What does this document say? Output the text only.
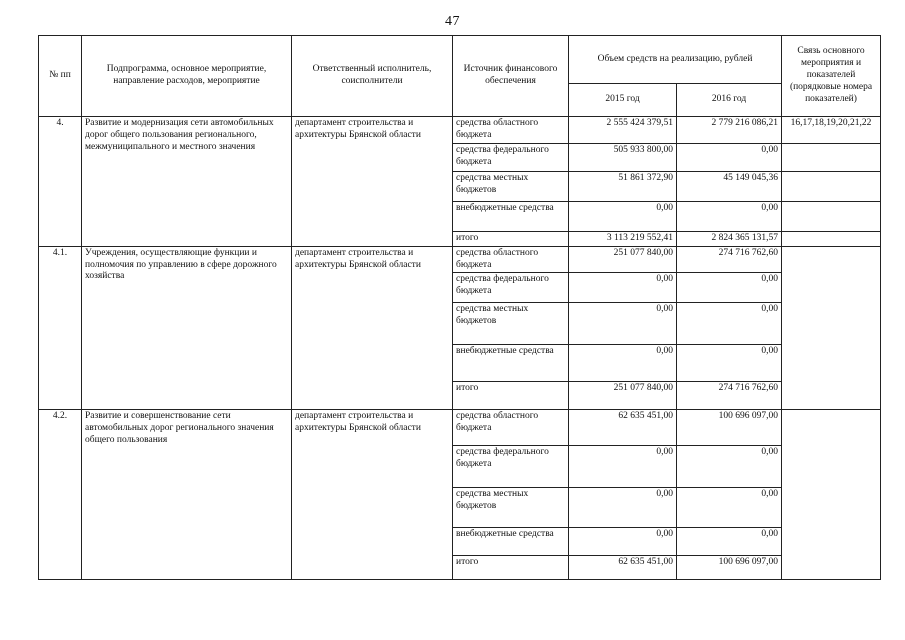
47
№ пп	Подпрограмма, основное мероприятие, направление расходов, мероприятие	Ответственный исполнитель, соисполнители	Источник финансового обеспечения	Объем средств на реализацию, рублей		Связь основного мероприятия и показателей (порядковые номера показателей)
				2015 год	2016 год	
4.	Развитие и модернизация сети автомобильных дорог общего пользования регионального, межмуниципального и местного значения	департамент строительства и архитектуры Брянской области	средства областного бюджета	2 555 424 379,51	2 779 216 086,21	16,17,18,19,20,21,22
			средства федерального бюджета	505 933 800,00	0,00	
			средства местных бюджетов	51 861 372,90	45 149 045,36	
			внебюджетные средства	0,00	0,00	
			итого	3 113 219 552,41	2 824 365 131,57	
4.1.	Учреждения, осуществляющие функции и полномочия по управлению в сфере дорожного хозяйства	департамент строительства и архитектуры Брянской области	средства областного бюджета	251 077 840,00	274 716 762,60	
			средства федерального бюджета	0,00	0,00	
			средства местных бюджетов	0,00	0,00	
			внебюджетные средства	0,00	0,00	
			итого	251 077 840,00	274 716 762,60	
4.2.	Развитие и совершенствование сети автомобильных дорог регионального значения общего пользования	департамент строительства и архитектуры Брянской области	средства областного бюджета	62 635 451,00	100 696 097,00	
			средства федерального бюджета	0,00	0,00	
			средства местных бюджетов	0,00	0,00	
			внебюджетные средства	0,00	0,00	
			итого	62 635 451,00	100 696 097,00	
